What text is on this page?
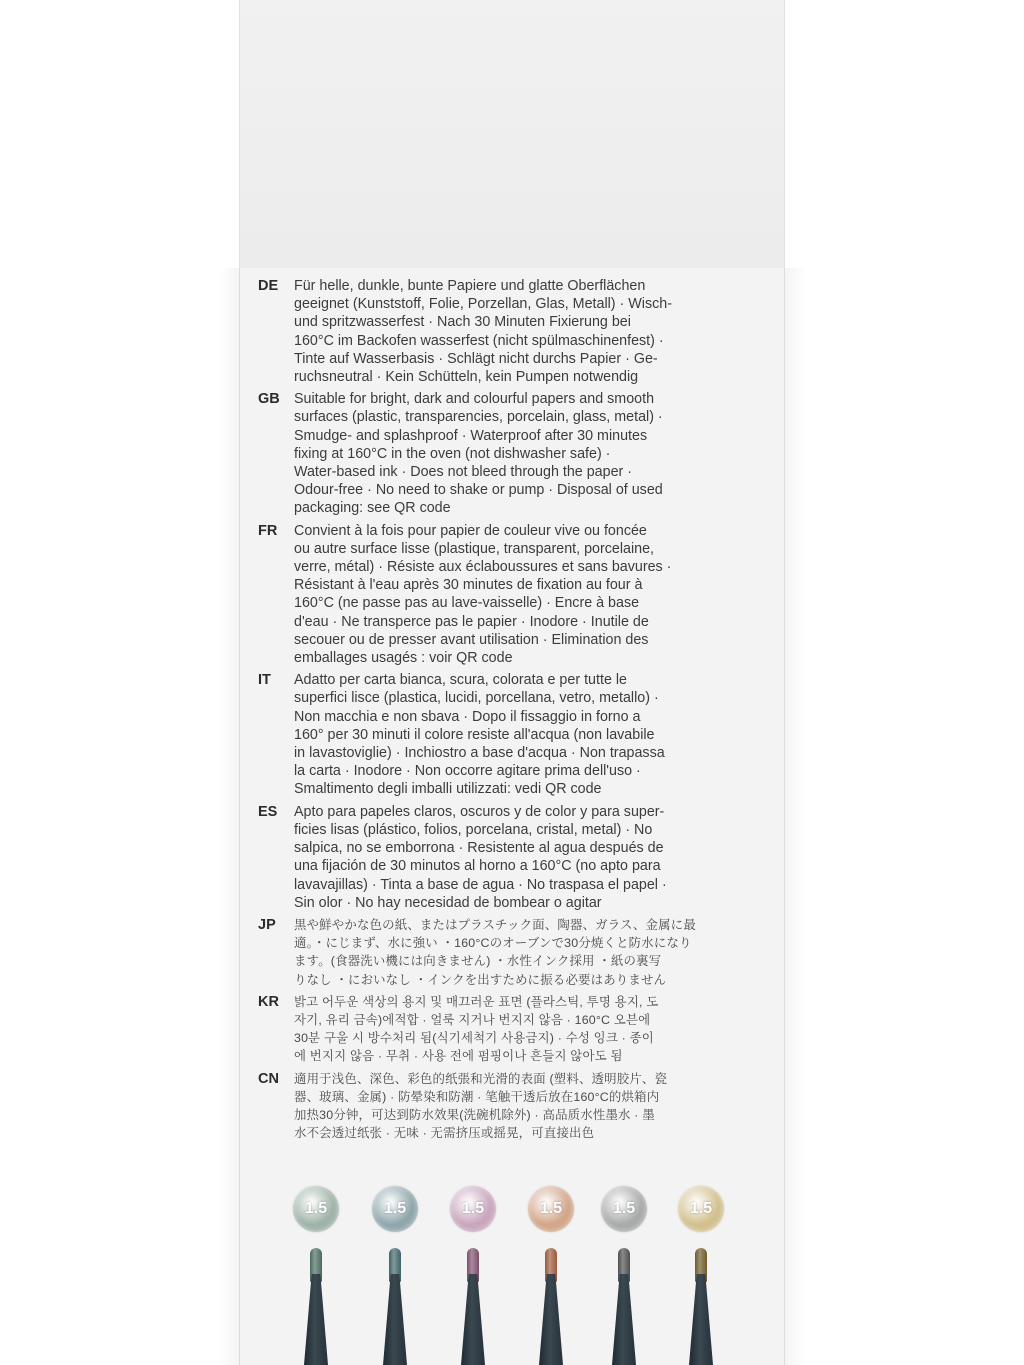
DE	Für helle, dunkle, bunte Papiere und glatte Oberflächen
geeignet (Kunststoff, Folie, Porzellan, Glas, Metall) · Wisch-
und spritzwasserfest · Nach 30 Minuten Fixierung bei
160°C im Backofen wasserfest (nicht spülmaschinenfest) ·
Tinte auf Wasserbasis · Schlägt nicht durchs Papier · Ge-
ruchsneutral · Kein Schütteln, kein Pumpen notwendig
GB Suitable for bright, dark and colourful papers and smooth
surfaces (plastic, transparencies, porcelain, glass, metal) ·
Smudge- and splashproof · Waterproof after 30 minutes
fixing at 160°C in the oven (not dishwasher safe) ·
Water-based ink · Does not bleed through the paper ·
Odour-free · No need to shake or pump · Disposal of used
packaging: see QR code
FR	Convient à la fois pour papier de couleur vive ou foncée
ou autre surface lisse (plastique, transparent, porcelaine,
verre, métal) · Résiste aux éclaboussures et sans bavures ·
Résistant à l'eau après 30 minutes de fixation au four à
160°C (ne passe pas au lave-vaisselle) · Encre à base
d'eau · Ne transperce pas le papier · Inodore · Inutile de
secouer ou de presser avant utilisation · Elimination des
emballages usagés : voir QR code
IT	Adatto per carta bianca, scura, colorata e per tutte le
superfici lisce (plastica, lucidi, porcellana, vetro, metallo) ·
Non macchia e non sbava · Dopo il fissaggio in forno a
160° per 30 minuti il colore resiste all'acqua (non lavabile
in lavastoviglie) · Inchiostro a base d'acqua · Non trapassa
la carta · Inodore · Non occorre agitare prima dell'uso ·
Smaltimento degli imballi utilizzati: vedi QR code
ES	Apto para papeles claros, oscuros y de color y para super-
ficies lisas (plástico, folios, porcelana, cristal, metal) · No
salpica, no se emborrona · Resistente al agua después de
una fijación de 30 minutos al horno a 160°C (no apto para
lavavajillas) · Tinta a base de agua · No traspasa el papel ·
Sin olor · No hay necesidad de bombear o agitar
JP	黒や鮮やかな色の紙、またはプラスチック面、陶器、ガラス、金属に最
適。・にじまず、水に強い ・160°Cのオーブンで30分焼くと防水になり
ます。(食器洗い機には向きません) ・水性インク採用 ・紙の裏写
りなし ・においなし ・インクを出すために振る必要はありません
KR	밝고 어두운 색상의 용지 및 매끄러운 표면 (플라스틱, 투명 용지, 도
자기, 유리 금속)에적합 · 얼룩 지거나 번지지 않음 · 160°C 오븐에
30분 구울 시 방수처리 됨(식기세척기 사용금지) · 수성 잉크 · 종이
에 번지지 않음 · 무취 · 사용 전에 펌핑이나 흔들지 않아도 됨
CN	適用于浅色、深色、彩色的纸張和光滑的表面 (塑料、透明胶片、瓷
器、玻璃、金属) · 防晕染和防潮 · 笔触干透后放在160°C的烘箱内
加热30分钟，可达到防水效果(洗碗机除外) · 高品质水性墨水 · 墨
水不会透过纸张 · 无味 · 无需挤压或摇晃，可直接出色
1.5	1.5	1.5	1.5	1.5	1.5
